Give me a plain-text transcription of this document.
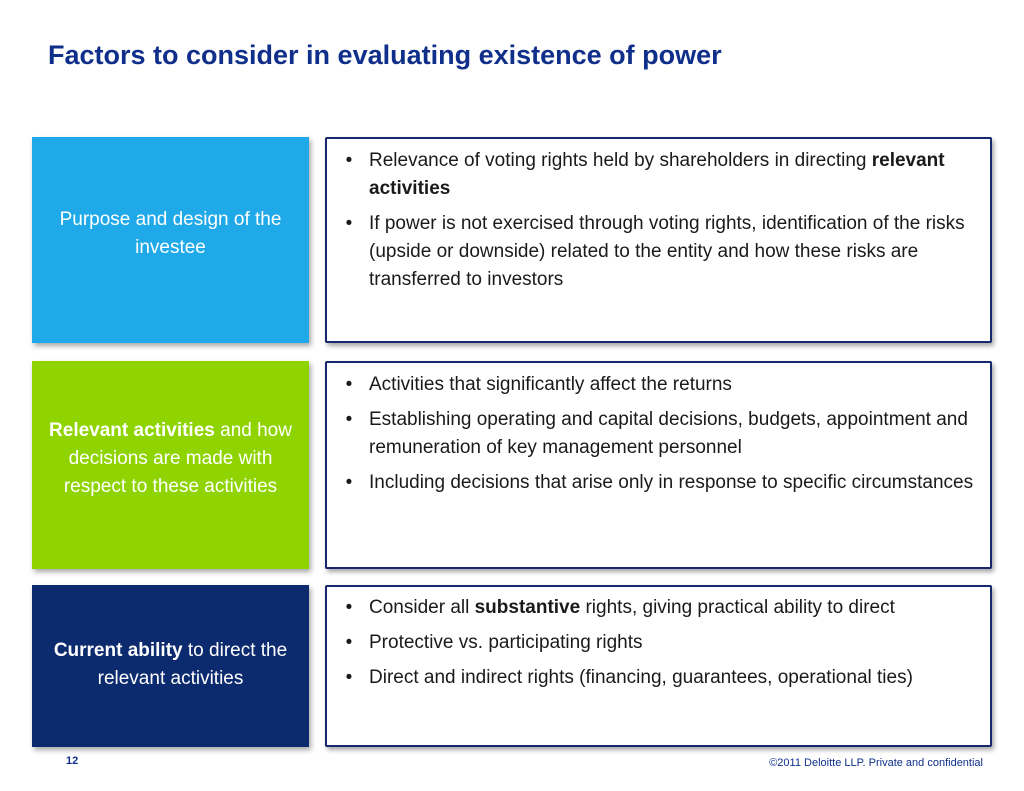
Factors to consider in evaluating existence of power
Purpose and design of the investee
• Relevance of voting rights held by shareholders in directing relevant activities
• If power is not exercised through voting rights, identification of the risks (upside or downside) related to the entity and how these risks are transferred to investors
Relevant activities and how decisions are made with respect to these activities
• Activities that significantly affect the returns
• Establishing operating and capital decisions, budgets, appointment and remuneration of key management personnel
• Including decisions that arise only in response to specific circumstances
Current ability to direct the relevant activities
• Consider all substantive rights, giving practical ability to direct
• Protective vs. participating rights
• Direct and indirect rights (financing, guarantees, operational ties)
12	©2011 Deloitte LLP. Private and confidential
